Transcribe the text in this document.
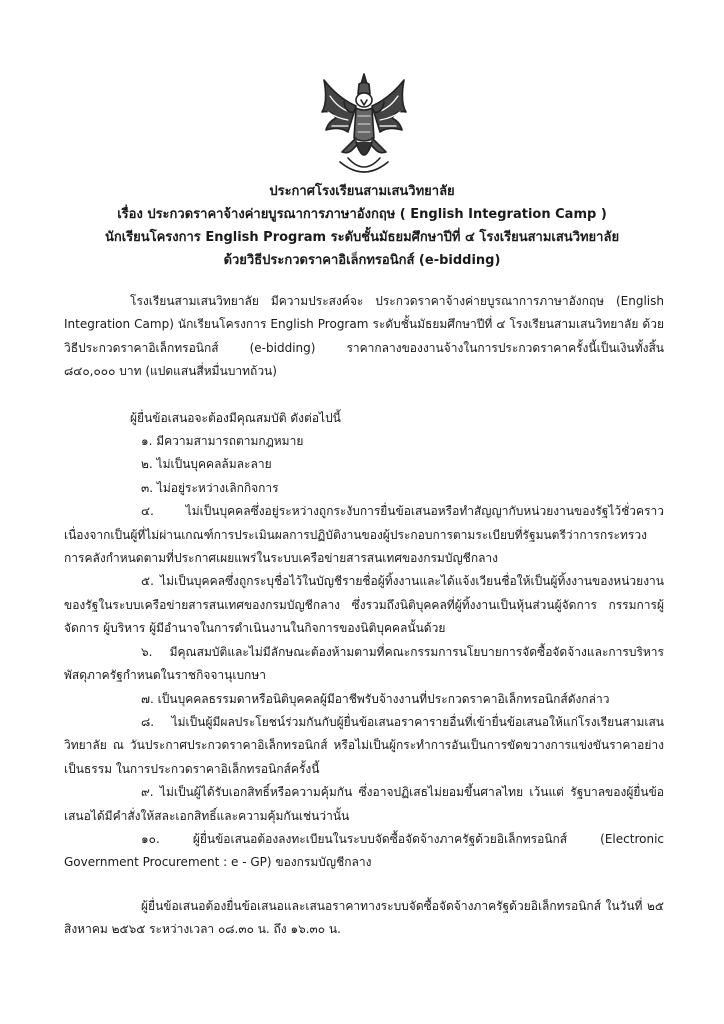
ประกาศโรงเรียนสามเสนวิทยาลัย
เรื่อง ประกวดราคาจ้างค่ายบูรณาการภาษาอังกฤษ ( English Integration Camp )
นักเรียนโครงการ English Program ระดับชั้นมัธยมศึกษาปีที่ ๔ โรงเรียนสามเสนวิทยาลัย
ด้วยวิธีประกวดราคาอิเล็กทรอนิกส์ (e-bidding)
โรงเรียนสามเสนวิทยาลัย มีความประสงค์จะ ประกวดราคาจ้างค่ายบูรณาการภาษาอังกฤษ (English Integration Camp) นักเรียนโครงการ English Program ระดับชั้นมัธยมศึกษาปีที่ ๔ โรงเรียนสามเสนวิทยาลัย ด้วยวิธีประกวดราคาอิเล็กทรอนิกส์ (e-bidding) ราคากลางของงานจ้างในการประกวดราคาครั้งนี้เป็นเงินทั้งสิ้น ๘๔๐,๐๐๐ บาท (แปดแสนสี่หมื่นบาทถ้วน)
ผู้ยื่นข้อเสนอจะต้องมีคุณสมบัติ ดังต่อไปนี้
๑. มีความสามารถตามกฎหมาย
๒. ไม่เป็นบุคคลล้มละลาย
๓. ไม่อยู่ระหว่างเลิกกิจการ
๔. ไม่เป็นบุคคลซึ่งอยู่ระหว่างถูกระงับการยื่นข้อเสนอหรือทำสัญญากับหน่วยงานของรัฐไว้ชั่วคราวเนื่องจากเป็นผู้ที่ไม่ผ่านเกณฑ์การประเมินผลการปฏิบัติงานของผู้ประกอบการตามระเบียบที่รัฐมนตรีว่าการกระทรวงการคลังกำหนดตามที่ประกาศเผยแพร่ในระบบเครือข่ายสารสนเทศของกรมบัญชีกลาง
๕. ไม่เป็นบุคคลซึ่งถูกระบุชื่อไว้ในบัญชีรายชื่อผู้ทิ้งงานและได้แจ้งเวียนชื่อให้เป็นผู้ทิ้งงานของหน่วยงานของรัฐในระบบเครือข่ายสารสนเทศของกรมบัญชีกลาง ซึ่งรวมถึงนิติบุคคลที่ผู้ทิ้งงานเป็นหุ้นส่วนผู้จัดการ กรรมการผู้จัดการ ผู้บริหาร ผู้มีอำนาจในการดำเนินงานในกิจการของนิติบุคคลนั้นด้วย
๖. มีคุณสมบัติและไม่มีลักษณะต้องห้ามตามที่คณะกรรมการนโยบายการจัดซื้อจัดจ้างและการบริหารพัสดุภาครัฐกำหนดในราชกิจจานุเบกษา
๗. เป็นบุคคลธรรมดาหรือนิติบุคคลผู้มีอาชีพรับจ้างงานที่ประกวดราคาอิเล็กทรอนิกส์ดังกล่าว
๘. ไม่เป็นผู้มีผลประโยชน์ร่วมกันกับผู้ยื่นข้อเสนอราคารายอื่นที่เข้ายื่นข้อเสนอให้แก่โรงเรียนสามเสนวิทยาลัย ณ วันประกาศประกวดราคาอิเล็กทรอนิกส์ หรือไม่เป็นผู้กระทำการอันเป็นการขัดขวางการแข่งขันราคาอย่างเป็นธรรม ในการประกวดราคาอิเล็กทรอนิกส์ครั้งนี้
๙. ไม่เป็นผู้ได้รับเอกสิทธิ์หรือความคุ้มกัน ซึ่งอาจปฏิเสธไม่ยอมขึ้นศาลไทย เว้นแต่ รัฐบาลของผู้ยื่นข้อเสนอได้มีคำสั่งให้สละเอกสิทธิ์และความคุ้มกันเช่นว่านั้น
๑๐. ผู้ยื่นข้อเสนอต้องลงทะเบียนในระบบจัดซื้อจัดจ้างภาครัฐด้วยอิเล็กทรอนิกส์ (Electronic Government Procurement : e - GP) ของกรมบัญชีกลาง
ผู้ยื่นข้อเสนอต้องยื่นข้อเสนอและเสนอราคาทางระบบจัดซื้อจัดจ้างภาครัฐด้วยอิเล็กทรอนิกส์ ในวันที่ ๒๕ สิงหาคม ๒๕๖๕ ระหว่างเวลา ๐๘.๓๐ น. ถึง ๑๖.๓๐ น.
